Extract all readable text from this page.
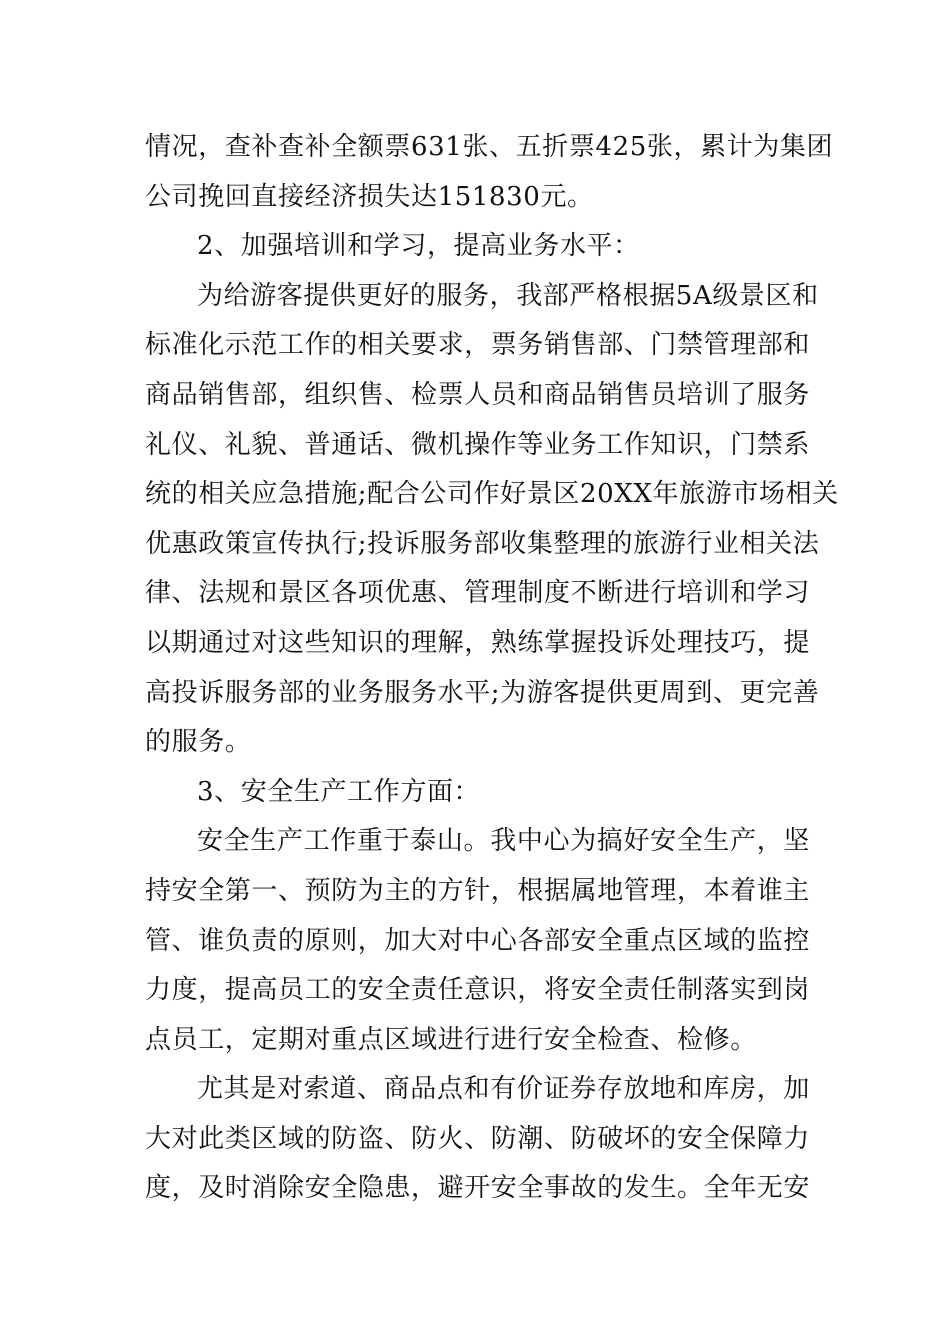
情况，查补查补全额票631张、五折票425张，累计为集团
公司挽回直接经济损失达151830元。
2、加强培训和学习，提高业务水平：
为给游客提供更好的服务，我部严格根据5A级景区和
标准化示范工作的相关要求，票务销售部、门禁管理部和
商品销售部，组织售、检票人员和商品销售员培训了服务
礼仪、礼貌、普通话、微机操作等业务工作知识，门禁系
统的相关应急措施;配合公司作好景区20XX年旅游市场相关
优惠政策宣传执行;投诉服务部收集整理的旅游行业相关法
律、法规和景区各项优惠、管理制度不断进行培训和学习
以期通过对这些知识的理解，熟练掌握投诉处理技巧，提
高投诉服务部的业务服务水平;为游客提供更周到、更完善
的服务。
3、安全生产工作方面：
安全生产工作重于泰山。我中心为搞好安全生产，坚
持安全第一、预防为主的方针，根据属地管理，本着谁主
管、谁负责的原则，加大对中心各部安全重点区域的监控
力度，提高员工的安全责任意识，将安全责任制落实到岗
点员工，定期对重点区域进行进行安全检查、检修。
尤其是对索道、商品点和有价证券存放地和库房，加
大对此类区域的防盗、防火、防潮、防破坏的安全保障力
度，及时消除安全隐患，避开安全事故的发生。全年无安
